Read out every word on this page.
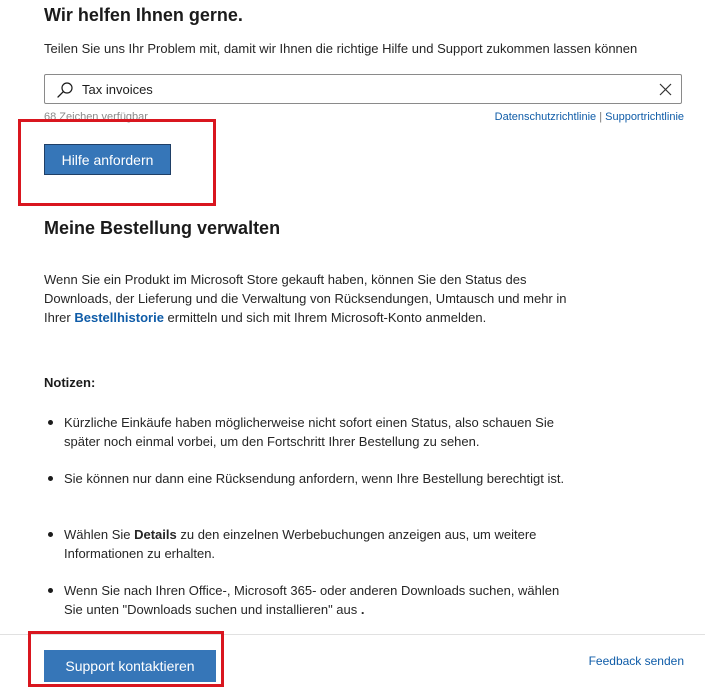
Wir helfen Ihnen gerne.
Teilen Sie uns Ihr Problem mit, damit wir Ihnen die richtige Hilfe und Support zukommen lassen können
Tax invoices
68 Zeichen verfügbar	Datenschutzrichtlinie | Supportrichtlinie
Hilfe anfordern
Meine Bestellung verwalten
Wenn Sie ein Produkt im Microsoft Store gekauft haben, können Sie den Status des Downloads, der Lieferung und die Verwaltung von Rücksendungen, Umtausch und mehr in Ihrer Bestellhistorie ermitteln und sich mit Ihrem Microsoft-Konto anmelden.
Notizen:
Kürzliche Einkäufe haben möglicherweise nicht sofort einen Status, also schauen Sie später noch einmal vorbei, um den Fortschritt Ihrer Bestellung zu sehen.
Sie können nur dann eine Rücksendung anfordern, wenn Ihre Bestellung berechtigt ist.
Wählen Sie Details zu den einzelnen Werbebuchungen anzeigen aus, um weitere Informationen zu erhalten.
Wenn Sie nach Ihren Office-, Microsoft 365- oder anderen Downloads suchen, wählen Sie unten "Downloads suchen und installieren" aus .
Support kontaktieren	Feedback senden
